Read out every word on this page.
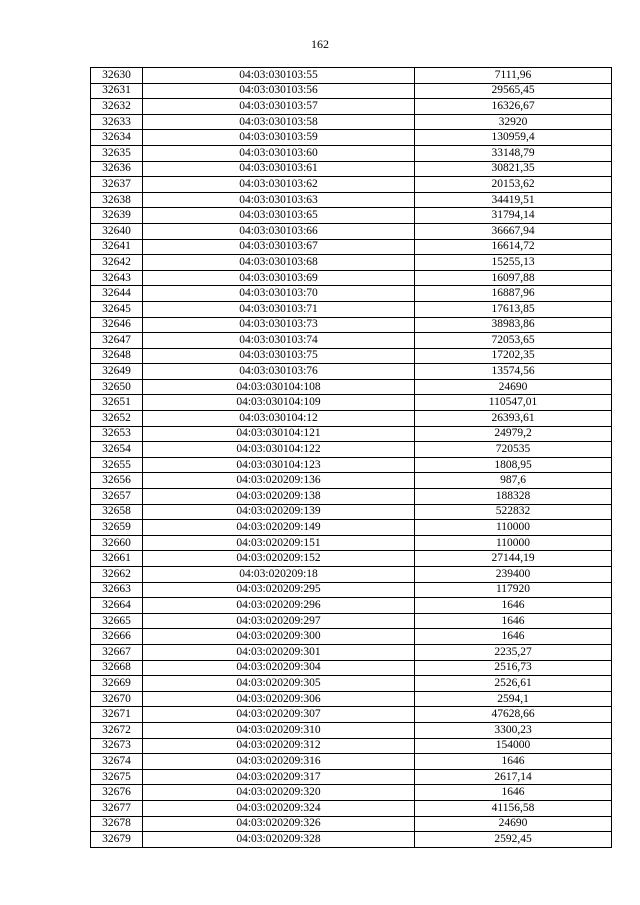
162
32630	04:03:030103:55	7111,96
32631	04:03:030103:56	29565,45
32632	04:03:030103:57	16326,67
32633	04:03:030103:58	32920
32634	04:03:030103:59	130959,4
32635	04:03:030103:60	33148,79
32636	04:03:030103:61	30821,35
32637	04:03:030103:62	20153,62
32638	04:03:030103:63	34419,51
32639	04:03:030103:65	31794,14
32640	04:03:030103:66	36667,94
32641	04:03:030103:67	16614,72
32642	04:03:030103:68	15255,13
32643	04:03:030103:69	16097,88
32644	04:03:030103:70	16887,96
32645	04:03:030103:71	17613,85
32646	04:03:030103:73	38983,86
32647	04:03:030103:74	72053,65
32648	04:03:030103:75	17202,35
32649	04:03:030103:76	13574,56
32650	04:03:030104:108	24690
32651	04:03:030104:109	110547,01
32652	04:03:030104:12	26393,61
32653	04:03:030104:121	24979,2
32654	04:03:030104:122	720535
32655	04:03:030104:123	1808,95
32656	04:03:020209:136	987,6
32657	04:03:020209:138	188328
32658	04:03:020209:139	522832
32659	04:03:020209:149	110000
32660	04:03:020209:151	110000
32661	04:03:020209:152	27144,19
32662	04:03:020209:18	239400
32663	04:03:020209:295	117920
32664	04:03:020209:296	1646
32665	04:03:020209:297	1646
32666	04:03:020209:300	1646
32667	04:03:020209:301	2235,27
32668	04:03:020209:304	2516,73
32669	04:03:020209:305	2526,61
32670	04:03:020209:306	2594,1
32671	04:03:020209:307	47628,66
32672	04:03:020209:310	3300,23
32673	04:03:020209:312	154000
32674	04:03:020209:316	1646
32675	04:03:020209:317	2617,14
32676	04:03:020209:320	1646
32677	04:03:020209:324	41156,58
32678	04:03:020209:326	24690
32679	04:03:020209:328	2592,45
